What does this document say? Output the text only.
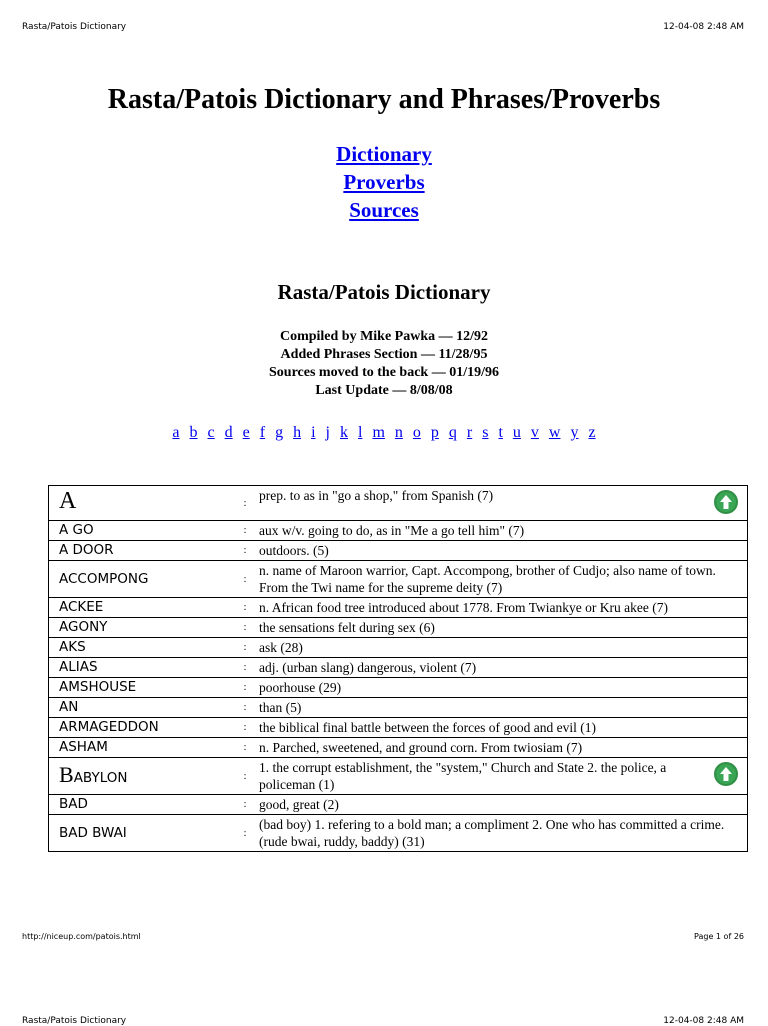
Rasta/Patois Dictionary	12-04-08 2:48 AM
Rasta/Patois Dictionary and Phrases/Proverbs
Dictionary
Proverbs
Sources
Rasta/Patois Dictionary
Compiled by Mike Pawka — 12/92
Added Phrases Section — 11/28/95
Sources moved to the back — 01/19/96
Last Update — 8/08/08
a b c d e f g h i j k l m n o p q r s t u v w y z
A	:	prep. to as in "go a shop," from Spanish (7)
A GO	:	aux w/v. going to do, as in "Me a go tell him" (7)
A DOOR	:	outdoors. (5)
ACCOMPONG	:	n. name of Maroon warrior, Capt. Accompong, brother of Cudjo; also name of town. From the Twi name for the supreme deity (7)
ACKEE	:	n. African food tree introduced about 1778. From Twiankye or Kru akee (7)
AGONY	:	the sensations felt during sex (6)
AKS	:	ask (28)
ALIAS	:	adj. (urban slang) dangerous, violent (7)
AMSHOUSE	:	poorhouse (29)
AN	:	than (5)
ARMAGEDDON	:	the biblical final battle between the forces of good and evil (1)
ASHAM	:	n. Parched, sweetened, and ground corn. From twiosiam (7)
BABYLON	:	1. the corrupt establishment, the "system," Church and State 2. the police, a policeman (1)
BAD	:	good, great (2)
BAD BWAI	:	(bad boy) 1. refering to a bold man; a compliment 2. One who has committed a crime. (rude bwai, ruddy, baddy) (31)
http://niceup.com/patois.html	Page 1 of 26
Rasta/Patois Dictionary	12-04-08 2:48 AM
